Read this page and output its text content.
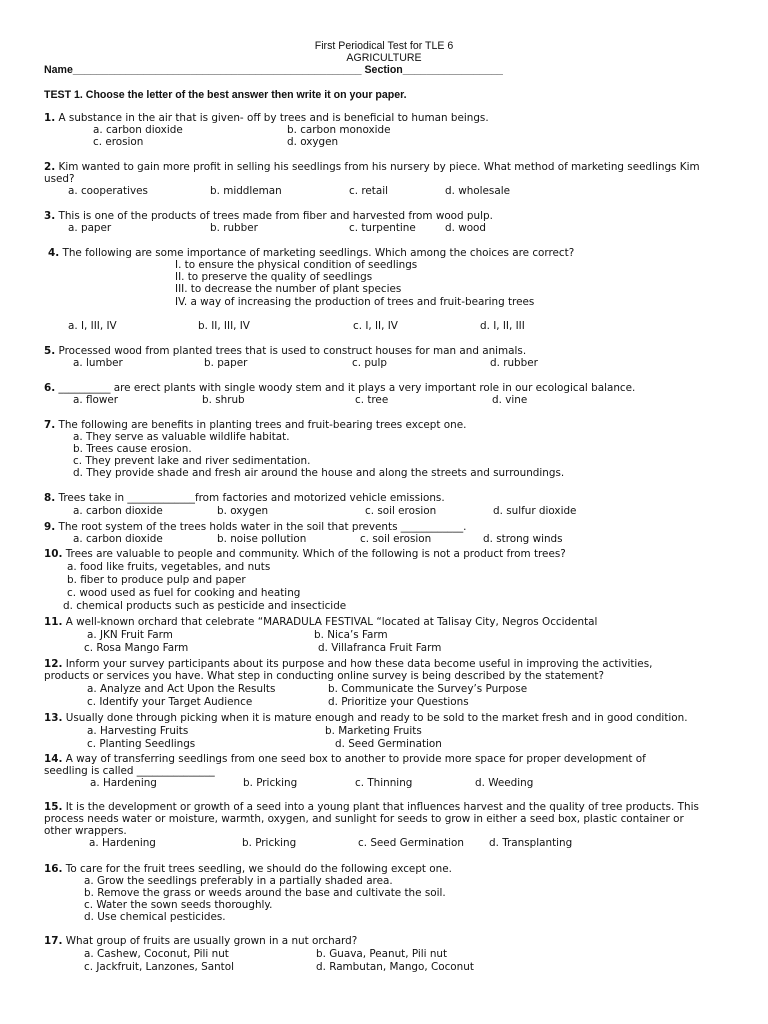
First Periodical Test for TLE 6
AGRICULTURE
Name_________________________________________________ Section_________________
TEST 1. Choose the letter of the best answer then write it on your paper.
1. A substance in the air that is given- off by trees and is beneficial to human beings.
a. carbon dioxide	b. carbon monoxide
c. erosion	d. oxygen
2. Kim wanted to gain more profit in selling his seedlings from his nursery by piece. What method of marketing seedlings Kim
used?
a. cooperatives	b. middleman	c. retail	d. wholesale
3. This is one of the products of trees made from fiber and harvested from wood pulp.
a. paper	b. rubber	c. turpentine	d. wood
4. The following are some importance of marketing seedlings. Which among the choices are correct?
I. to ensure the physical condition of seedlings
II. to preserve the quality of seedlings
III. to decrease the number of plant species
IV. a way of increasing the production of trees and fruit-bearing trees
a. I, III, IV	b. II, III, IV	c. I, II, IV	d. I, II, III
5. Processed wood from planted trees that is used to construct houses for man and animals.
a. lumber	b. paper	c. pulp	d. rubber
6. __________ are erect plants with single woody stem and it plays a very important role in our ecological balance.
a. flower	b. shrub	c. tree	d. vine
7. The following are benefits in planting trees and fruit-bearing trees except one.
a. They serve as valuable wildlife habitat.
b. Trees cause erosion.
c. They prevent lake and river sedimentation.
d. They provide shade and fresh air around the house and along the streets and surroundings.
8. Trees take in _____________from factories and motorized vehicle emissions.
a. carbon dioxide	b. oxygen	c. soil erosion	d. sulfur dioxide
9. The root system of the trees holds water in the soil that prevents ____________.
a. carbon dioxide	b. noise pollution	c. soil erosion	d. strong winds
10. Trees are valuable to people and community. Which of the following is not a product from trees?
a. food like fruits, vegetables, and nuts
b. fiber to produce pulp and paper
c. wood used as fuel for cooking and heating
d. chemical products such as pesticide and insecticide
11. A well-known orchard that celebrate “MARADULA FESTIVAL “located at Talisay City, Negros Occidental
a. JKN Fruit Farm	b. Nica’s Farm
c. Rosa Mango Farm	d. Villafranca Fruit Farm
12. Inform your survey participants about its purpose and how these data become useful in improving the activities,
products or services you have. What step in conducting online survey is being described by the statement?
a. Analyze and Act Upon the Results	b. Communicate the Survey’s Purpose
c. Identify your Target Audience	d. Prioritize your Questions
13. Usually done through picking when it is mature enough and ready to be sold to the market fresh and in good condition.
a. Harvesting Fruits	b. Marketing Fruits
c. Planting Seedlings	d. Seed Germination
14. A way of transferring seedlings from one seed box to another to provide more space for proper development of
seedling is called _______________
a. Hardening	b. Pricking	c. Thinning	d. Weeding
15. It is the development or growth of a seed into a young plant that influences harvest and the quality of tree products. This
process needs water or moisture, warmth, oxygen, and sunlight for seeds to grow in either a seed box, plastic container or
other wrappers.
a. Hardening	b. Pricking	c. Seed Germination d. Transplanting
16. To care for the fruit trees seedling, we should do the following except one.
a. Grow the seedlings preferably in a partially shaded area.
b. Remove the grass or weeds around the base and cultivate the soil.
c. Water the sown seeds thoroughly.
d. Use chemical pesticides.
17. What group of fruits are usually grown in a nut orchard?
a. Cashew, Coconut, Pili nut	b. Guava, Peanut, Pili nut
c. Jackfruit, Lanzones, Santol	d. Rambutan, Mango, Coconut
